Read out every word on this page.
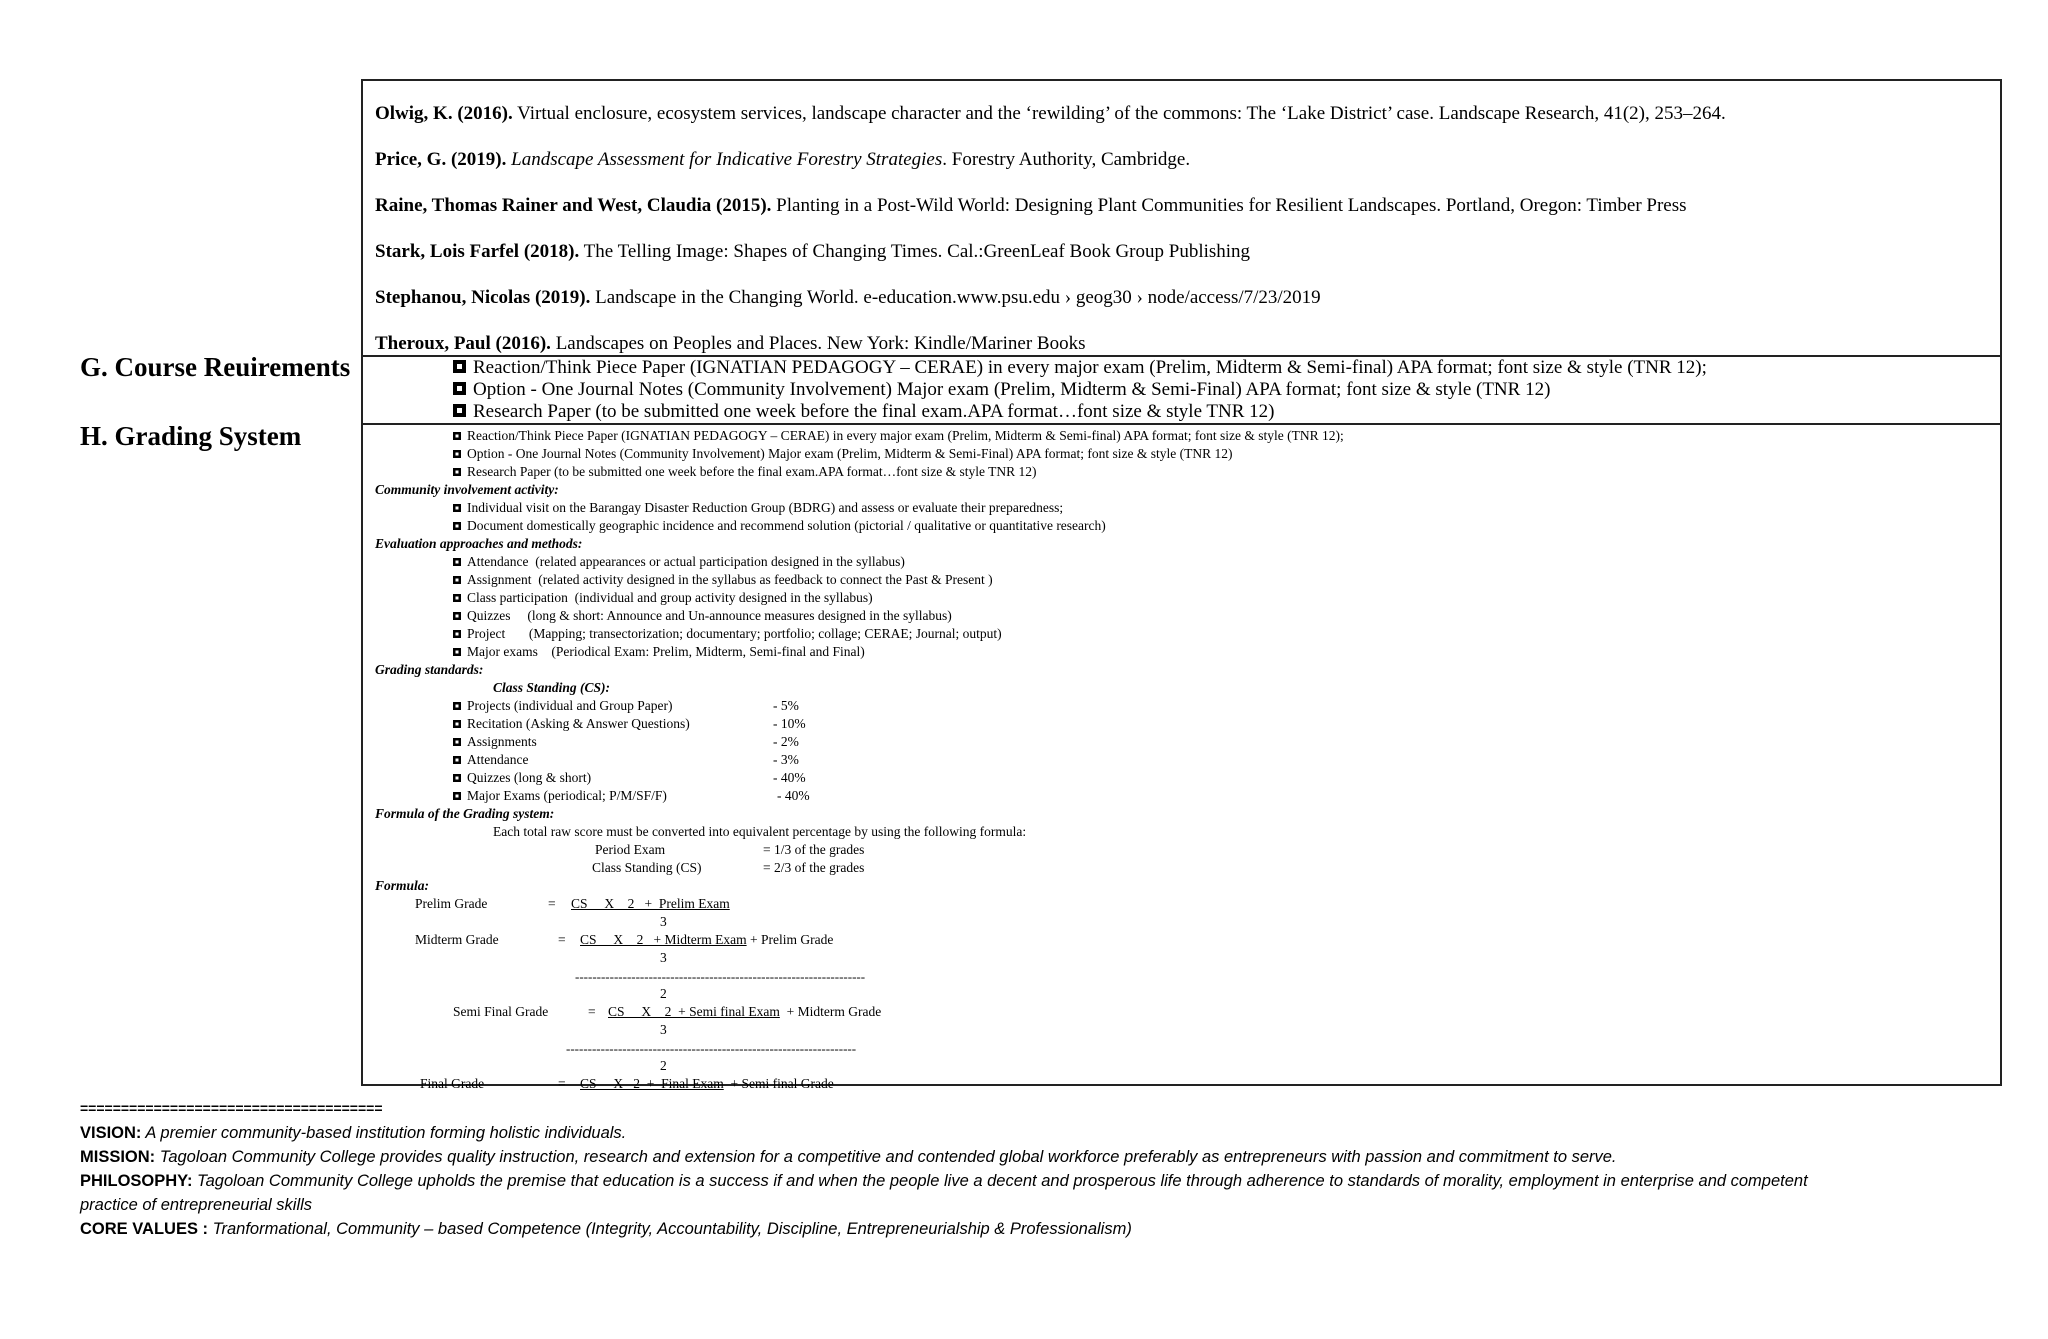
G. Course Reuirements
H. Grading System
Olwig, K. (2016). Virtual enclosure, ecosystem services, landscape character and the ‘rewilding’ of the commons: The ‘Lake District’ case. Landscape Research, 41(2), 253–264.
Price, G. (2019). Landscape Assessment for Indicative Forestry Strategies. Forestry Authority, Cambridge.
Raine, Thomas Rainer and West, Claudia (2015). Planting in a Post-Wild World: Designing Plant Communities for Resilient Landscapes. Portland, Oregon: Timber Press
Stark, Lois Farfel (2018). The Telling Image: Shapes of Changing Times. Cal.:GreenLeaf Book Group Publishing
Stephanou, Nicolas (2019). Landscape in the Changing World. e-education.www.psu.edu › geog30 › node/access/7/23/2019
Theroux, Paul (2016). Landscapes on Peoples and Places. New York: Kindle/Mariner Books
Reaction/Think Piece Paper (IGNATIAN PEDAGOGY – CERAE) in every major exam (Prelim, Midterm & Semi-final) APA format; font size & style (TNR 12);
Option - One Journal Notes (Community Involvement) Major exam (Prelim, Midterm & Semi-Final) APA format; font size & style (TNR 12)
Research Paper (to be submitted one week before the final exam.APA format…font size & style TNR 12)
Reaction/Think Piece Paper (IGNATIAN PEDAGOGY – CERAE) in every major exam (Prelim, Midterm & Semi-final) APA format; font size & style (TNR 12);
Option - One Journal Notes (Community Involvement) Major exam (Prelim, Midterm & Semi-Final) APA format; font size & style (TNR 12)
Research Paper (to be submitted one week before the final exam.APA format…font size & style TNR 12)
Community involvement activity:
Individual visit on the Barangay Disaster Reduction Group (BDRG) and assess or evaluate their preparedness;
Document domestically geographic incidence and recommend solution (pictorial / qualitative or quantitative research)
Evaluation approaches and methods:
Attendance (related appearances or actual participation designed in the syllabus)
Assignment (related activity designed in the syllabus as feedback to connect the Past & Present )
Class participation (individual and group activity designed in the syllabus)
Quizzes (long & short: Announce and Un-announce measures designed in the syllabus)
Project (Mapping; transectorization; documentary; portfolio; collage; CERAE; Journal; output)
Major exams (Periodical Exam: Prelim, Midterm, Semi-final and Final)
Grading standards:
Class Standing (CS):
Projects (individual and Group Paper)	- 5%
Recitation (Asking & Answer Questions)	- 10%
Assignments	- 2%
Attendance	- 3%
Quizzes (long & short)	- 40%
Major Exams (periodical; P/M/SF/F)	- 40%
Formula of the Grading system:
Each total raw score must be converted into equivalent percentage by using the following formula:
Period Exam	= 1/3 of the grades
Class Standing (CS)	= 2/3 of the grades
Formula:
Prelim Grade	= CS     X    2   +  Prelim Exam
3
Midterm Grade	= CS     X    2   + Midterm Exam + Prelim Grade
3
-------------------------------------------------------------------
2
Semi Final Grade	= CS     X    2  + Semi final Exam  + Midterm Grade
3
-------------------------------------------------------------------
2
Final Grade	= CS     X   2  +  Final Exam  + Semi final Grade
=====================================
VISION: A premier community-based institution forming holistic individuals.
MISSION: Tagoloan Community College provides quality instruction, research and extension for a competitive and contended global workforce preferably as entrepreneurs with passion and commitment to serve.
PHILOSOPHY: Tagoloan Community College upholds the premise that education is a success if and when the people live a decent and prosperous life through adherence to standards of morality, employment in enterprise and competent
practice of entrepreneurial skills
CORE VALUES : Tranformational, Community – based Competence (Integrity, Accountability, Discipline, Entrepreneurialship & Professionalism)
